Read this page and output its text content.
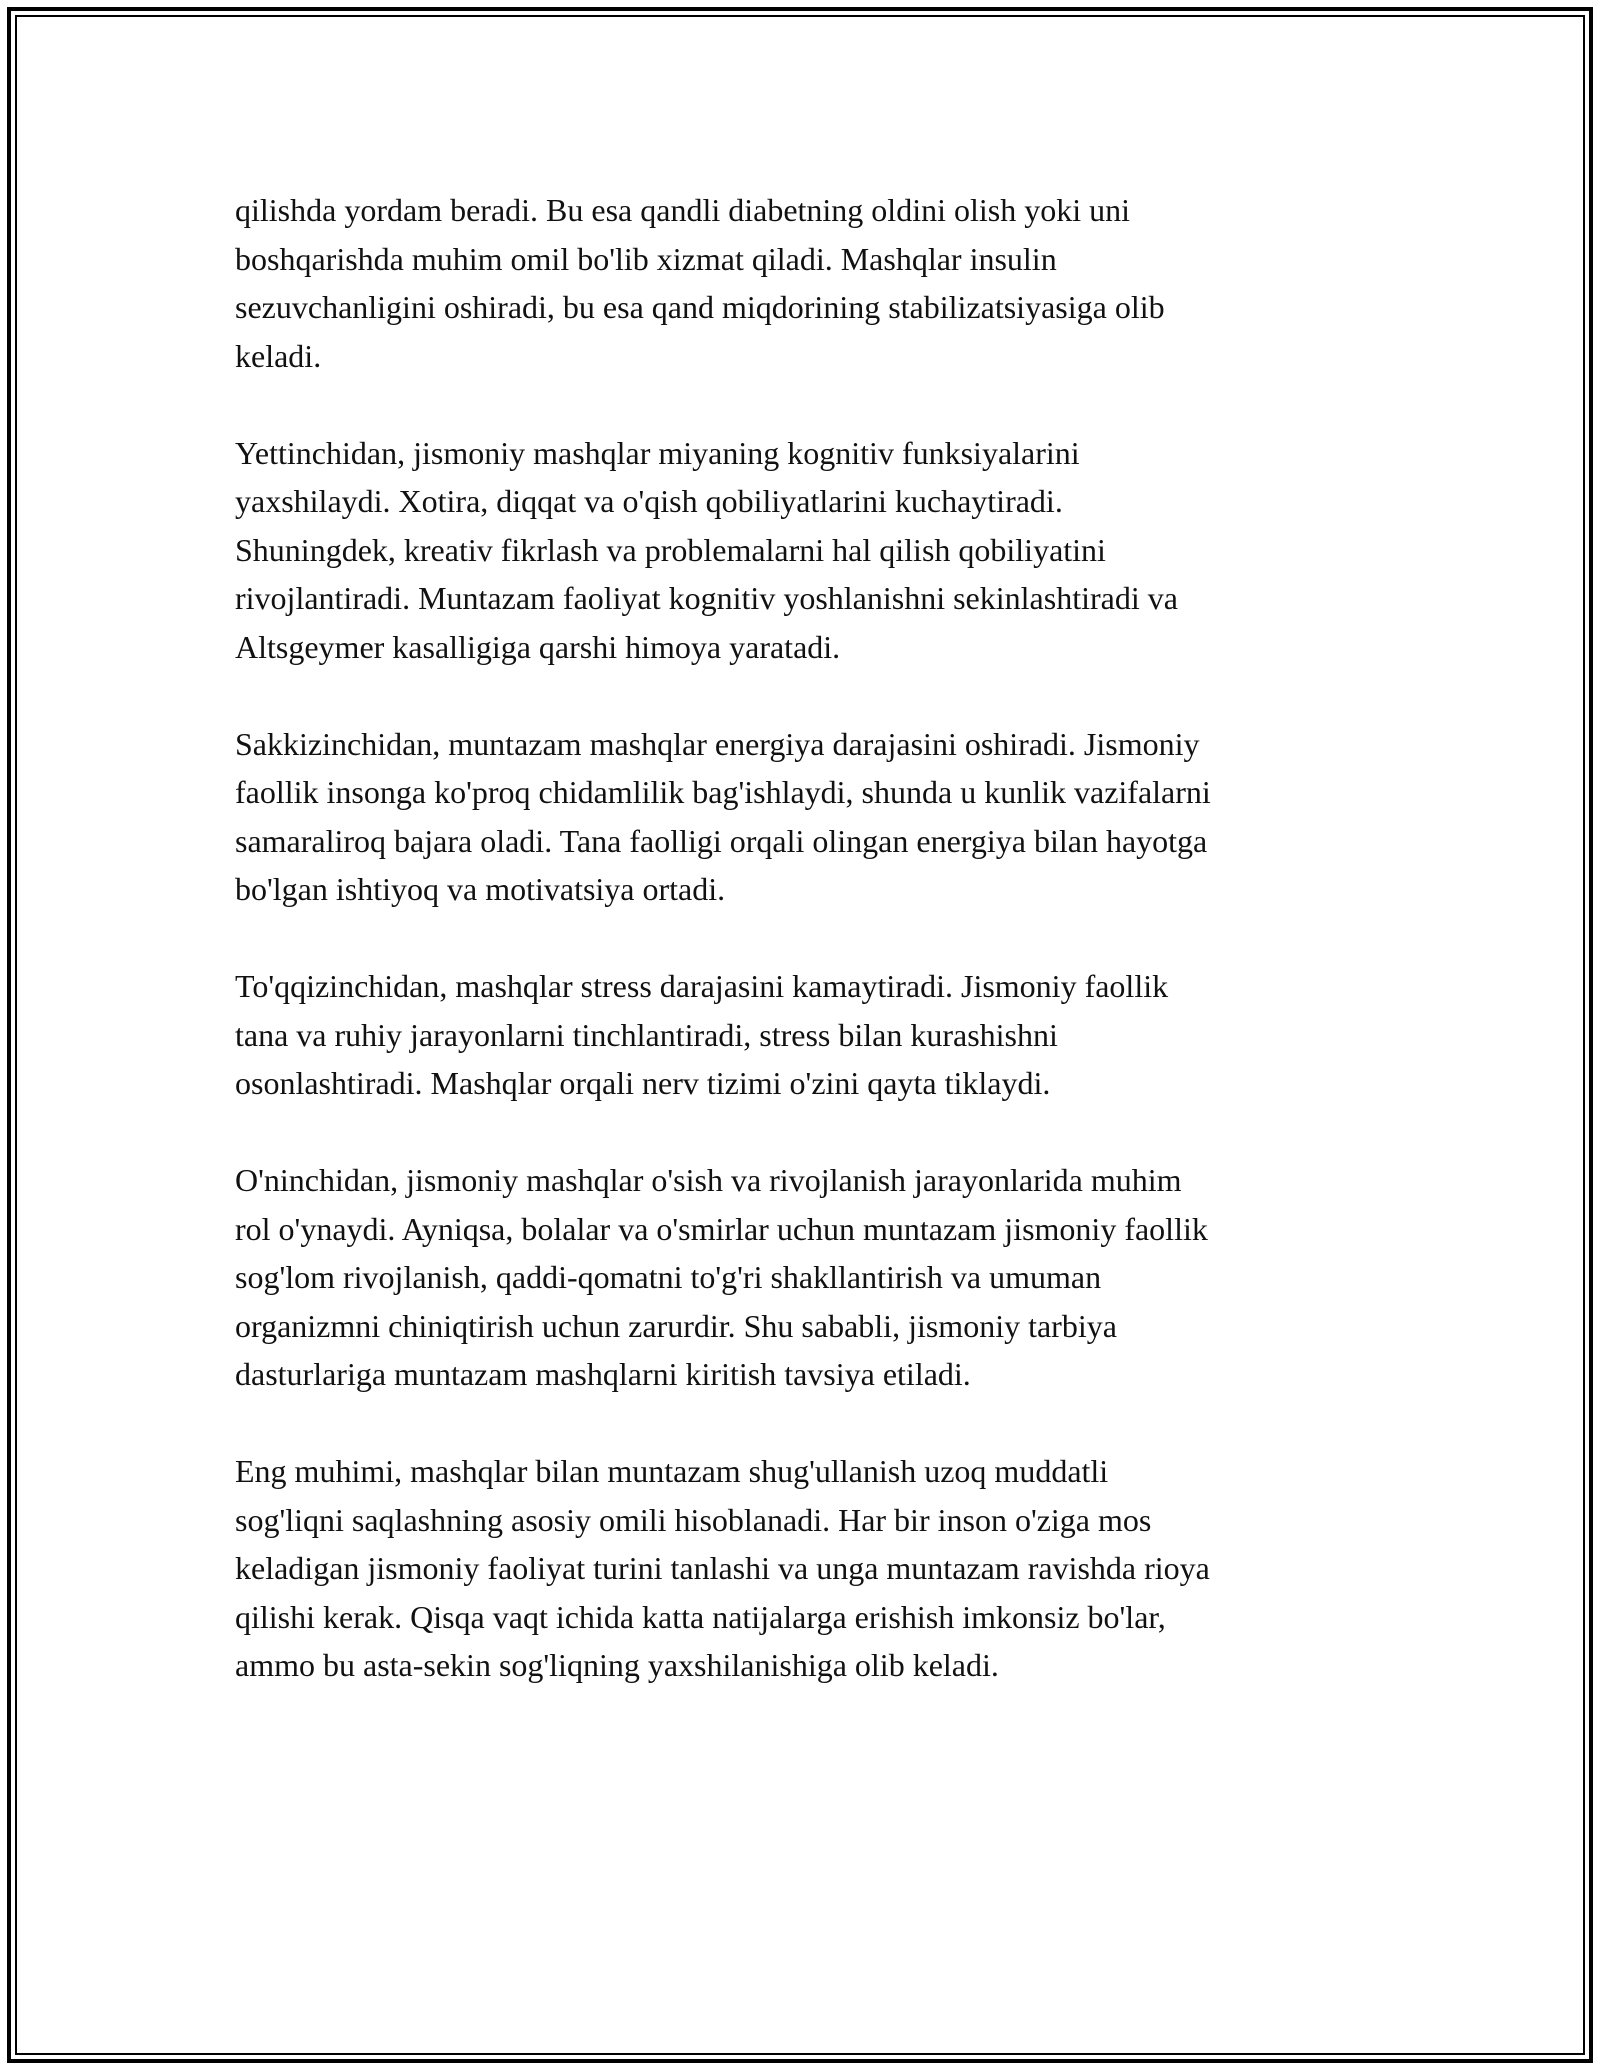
qilishda yordam beradi. Bu esa qandli diabetning oldini olish yoki uni
boshqarishda muhim omil bo'lib xizmat qiladi. Mashqlar insulin
sezuvchanligini oshiradi, bu esa qand miqdorining stabilizatsiyasiga olib
keladi.

Yettinchidan, jismoniy mashqlar miyaning kognitiv funksiyalarini
yaxshilaydi. Xotira, diqqat va o'qish qobiliyatlarini kuchaytiradi.
Shuningdek, kreativ fikrlash va problemalarni hal qilish qobiliyatini
rivojlantiradi. Muntazam faoliyat kognitiv yoshlanishni sekinlashtiradi va
Altsgeymer kasalligiga qarshi himoya yaratadi.

Sakkizinchidan, muntazam mashqlar energiya darajasini oshiradi. Jismoniy
faollik insonga ko'proq chidamlilik bag'ishlaydi, shunda u kunlik vazifalarni
samaraliroq bajara oladi. Tana faolligi orqali olingan energiya bilan hayotga
bo'lgan ishtiyoq va motivatsiya ortadi.

To'qqizinchidan, mashqlar stress darajasini kamaytiradi. Jismoniy faollik
tana va ruhiy jarayonlarni tinchlantiradi, stress bilan kurashishni
osonlashtiradi. Mashqlar orqali nerv tizimi o'zini qayta tiklaydi.

O'ninchidan, jismoniy mashqlar o'sish va rivojlanish jarayonlarida muhim
rol o'ynaydi. Ayniqsa, bolalar va o'smirlar uchun muntazam jismoniy faollik
sog'lom rivojlanish, qaddi-qomatni to'g'ri shakllantirish va umuman
organizmni chiniqtirish uchun zarurdir. Shu sababli, jismoniy tarbiya
dasturlariga muntazam mashqlarni kiritish tavsiya etiladi.

Eng muhimi, mashqlar bilan muntazam shug'ullanish uzoq muddatli
sog'liqni saqlashning asosiy omili hisoblanadi. Har bir inson o'ziga mos
keladigan jismoniy faoliyat turini tanlashi va unga muntazam ravishda rioya
qilishi kerak. Qisqa vaqt ichida katta natijalarga erishish imkonsiz bo'lar,
ammo bu asta-sekin sog'liqning yaxshilanishiga olib keladi.
